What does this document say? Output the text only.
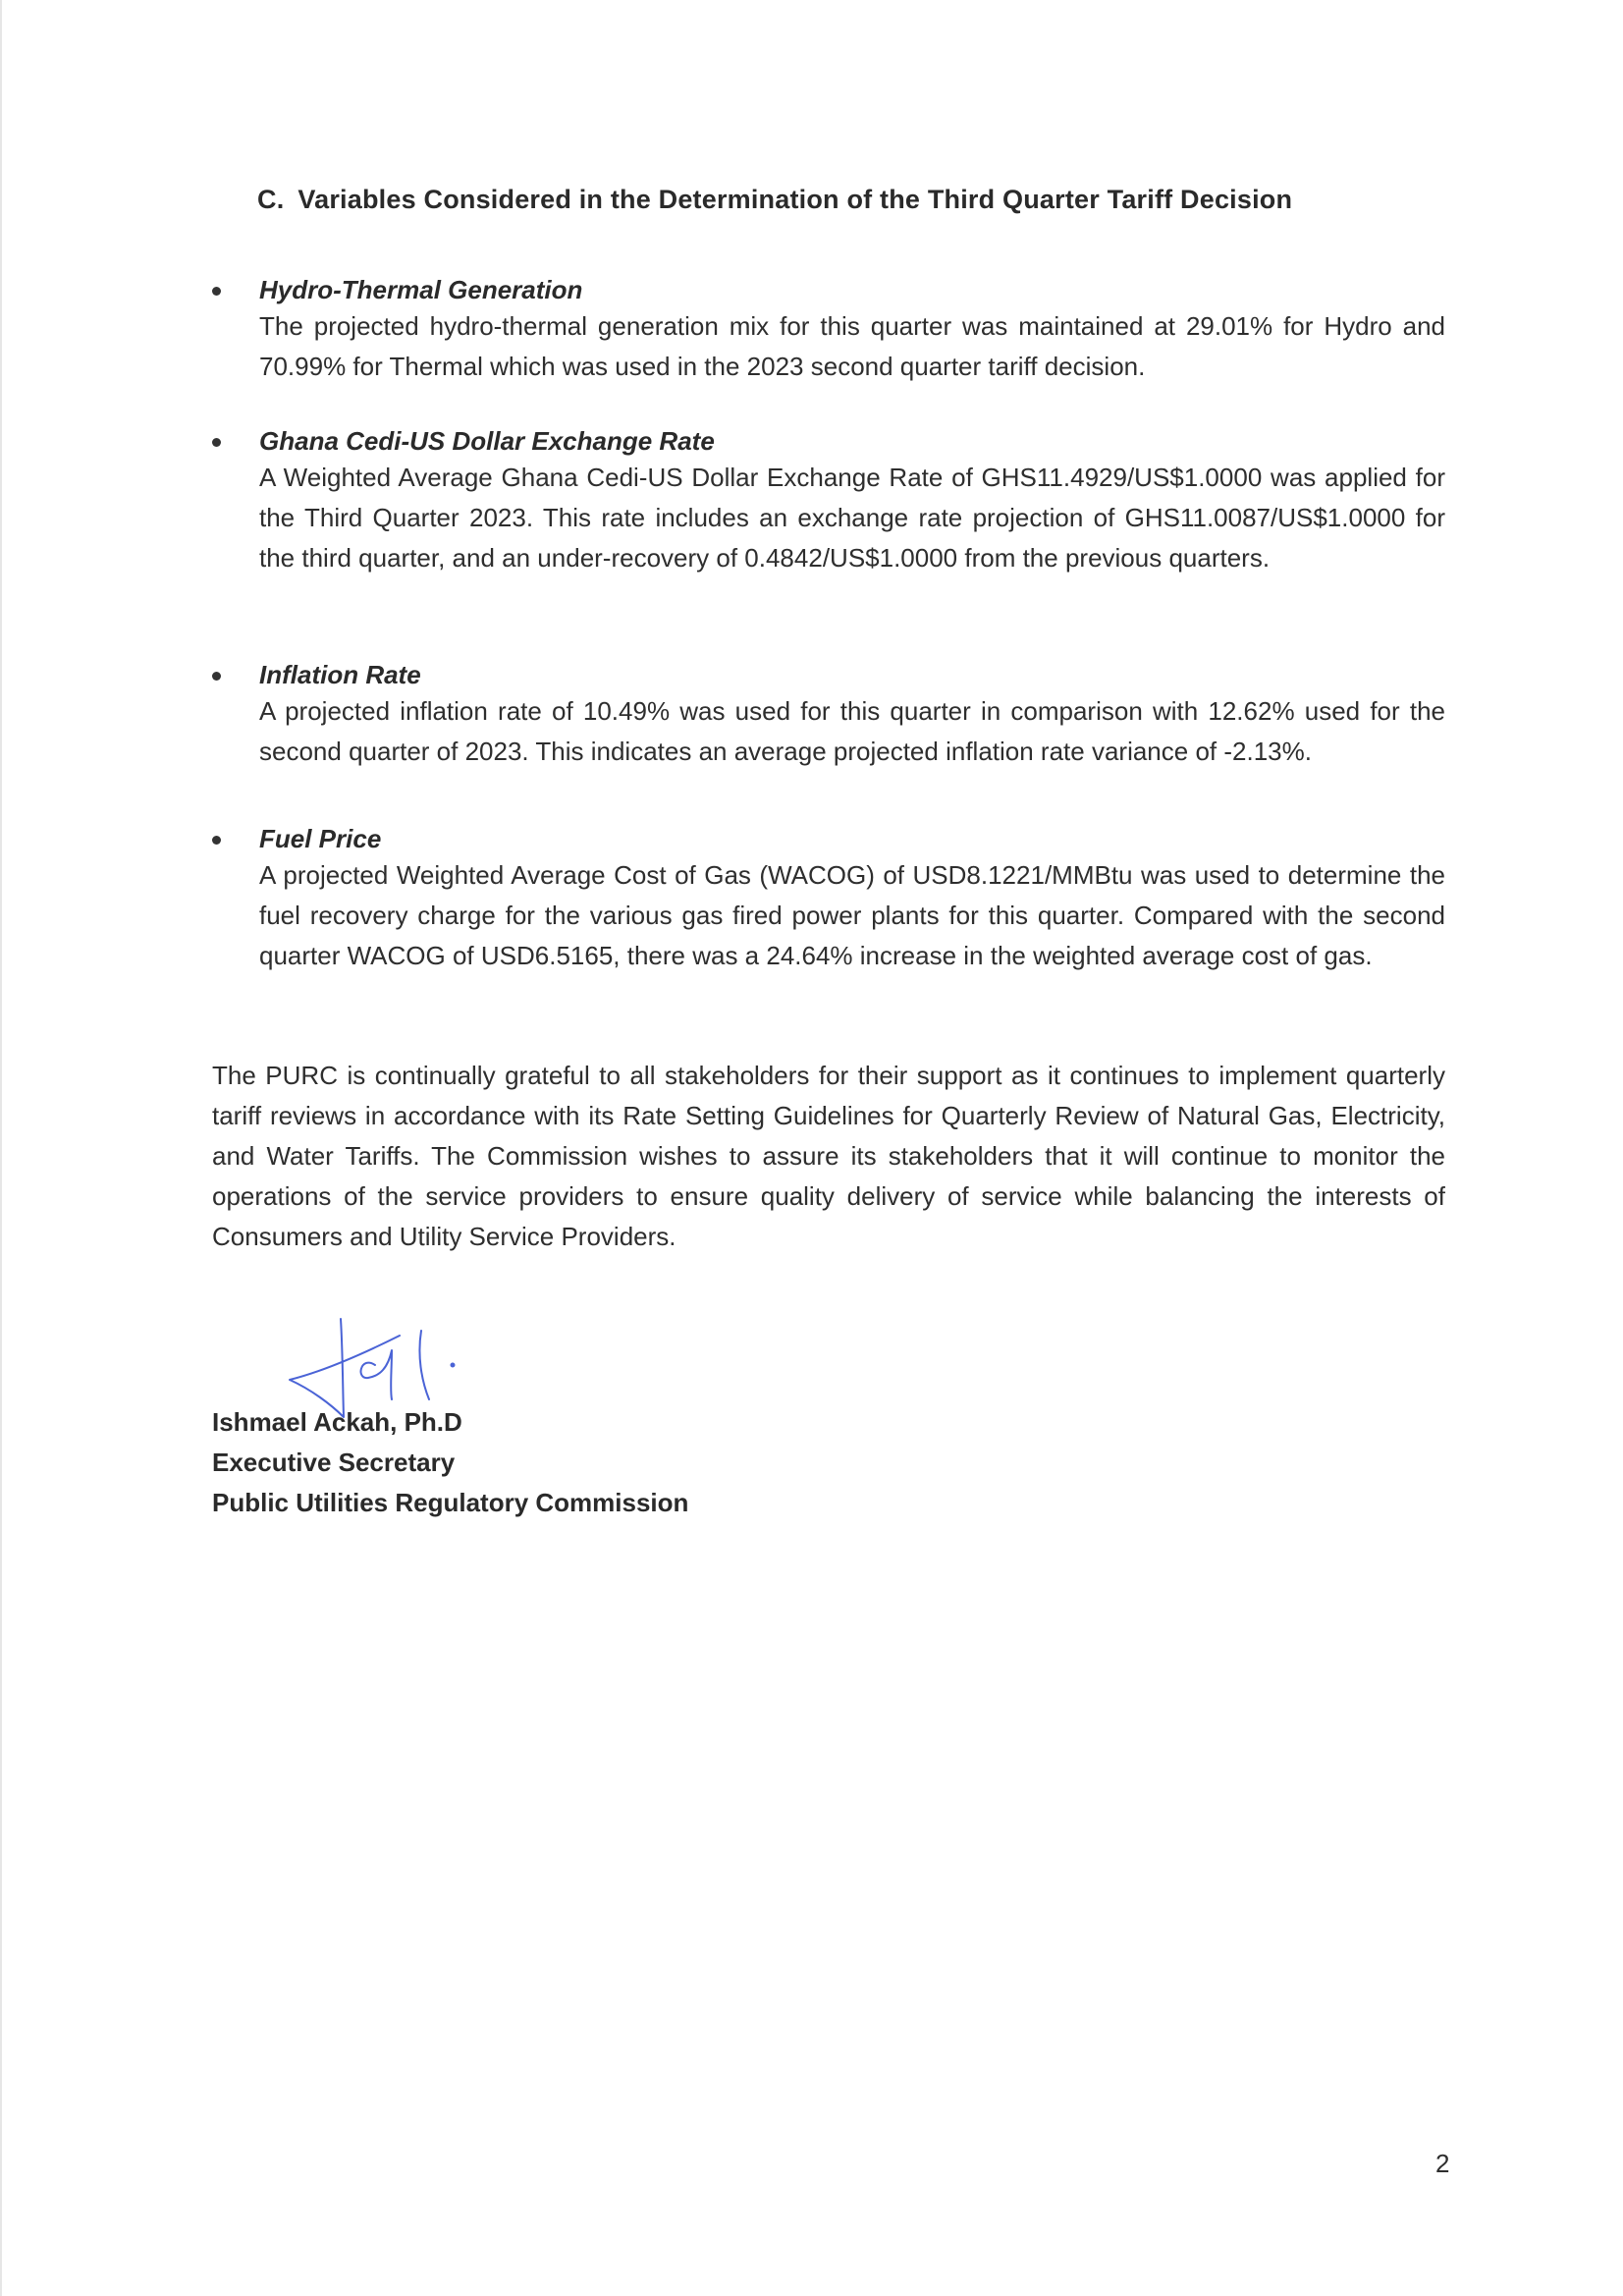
C. Variables Considered in the Determination of the Third Quarter Tariff Decision
Hydro-Thermal Generation
The projected hydro-thermal generation mix for this quarter was maintained at 29.01% for Hydro and 70.99% for Thermal which was used in the 2023 second quarter tariff decision.
Ghana Cedi-US Dollar Exchange Rate
A Weighted Average Ghana Cedi-US Dollar Exchange Rate of GHS11.4929/US$1.0000 was applied for the Third Quarter 2023. This rate includes an exchange rate projection of GHS11.0087/US$1.0000 for the third quarter, and an under-recovery of 0.4842/US$1.0000 from the previous quarters.
Inflation Rate
A projected inflation rate of 10.49% was used for this quarter in comparison with 12.62% used for the second quarter of 2023. This indicates an average projected inflation rate variance of -2.13%.
Fuel Price
A projected Weighted Average Cost of Gas (WACOG) of USD8.1221/MMBtu was used to determine the fuel recovery charge for the various gas fired power plants for this quarter. Compared with the second quarter WACOG of USD6.5165, there was a 24.64% increase in the weighted average cost of gas.
The PURC is continually grateful to all stakeholders for their support as it continues to implement quarterly tariff reviews in accordance with its Rate Setting Guidelines for Quarterly Review of Natural Gas, Electricity, and Water Tariffs. The Commission wishes to assure its stakeholders that it will continue to monitor the operations of the service providers to ensure quality delivery of service while balancing the interests of Consumers and Utility Service Providers.
Ishmael Ackah, Ph.D
Executive Secretary
Public Utilities Regulatory Commission
2
